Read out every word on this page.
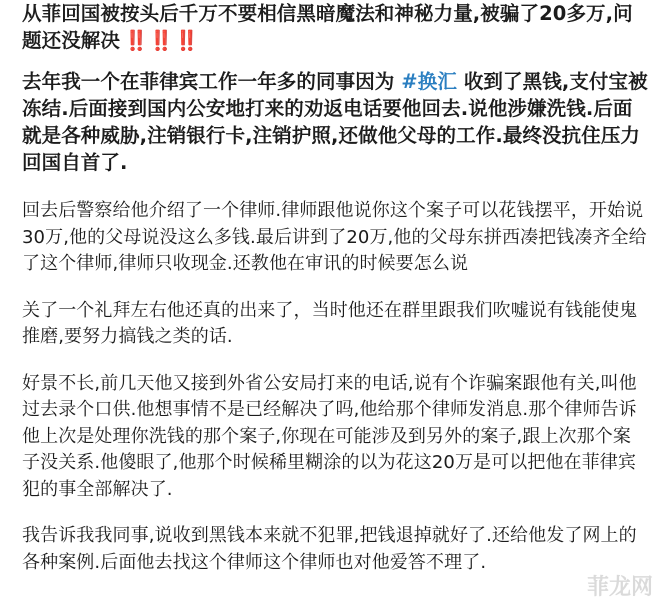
从菲回国被按头后千万不要相信黑暗魔法和神秘力量,被骗了20多万,问题还没解决 ‼️‼️‼️

去年我一个在菲律宾工作一年多的同事因为 #换汇 收到了黑钱,支付宝被冻结.后面接到国内公安地打来的劝返电话要他回去.说他涉嫌洗钱.后面就是各种威胁,注销银行卡,注销护照,还做他父母的工作.最终没抗住压力回国自首了.

回去后警察给他介绍了一个律师.律师跟他说你这个案子可以花钱摆平，开始说30万,他的父母说没这么多钱.最后讲到了20万,他的父母东拼西凑把钱凑齐全给了这个律师,律师只收现金.还教他在审讯的时候要怎么说

关了一个礼拜左右他还真的出来了，当时他还在群里跟我们吹嘘说有钱能使鬼推磨,要努力搞钱之类的话.

好景不长,前几天他又接到外省公安局打来的电话,说有个诈骗案跟他有关,叫他过去录个口供.他想事情不是已经解决了吗,他给那个律师发消息.那个律师告诉他上次是处理你洗钱的那个案子,你现在可能涉及到另外的案子,跟上次那个案子没关系.他傻眼了,他那个时候稀里糊涂的以为花这20万是可以把他在菲律宾犯的事全部解决了.

我告诉我我同事,说收到黑钱本来就不犯罪,把钱退掉就好了.还给他发了网上的各种案例.后面他去找这个律师这个律师也对他爱答不理了.

菲龙网
